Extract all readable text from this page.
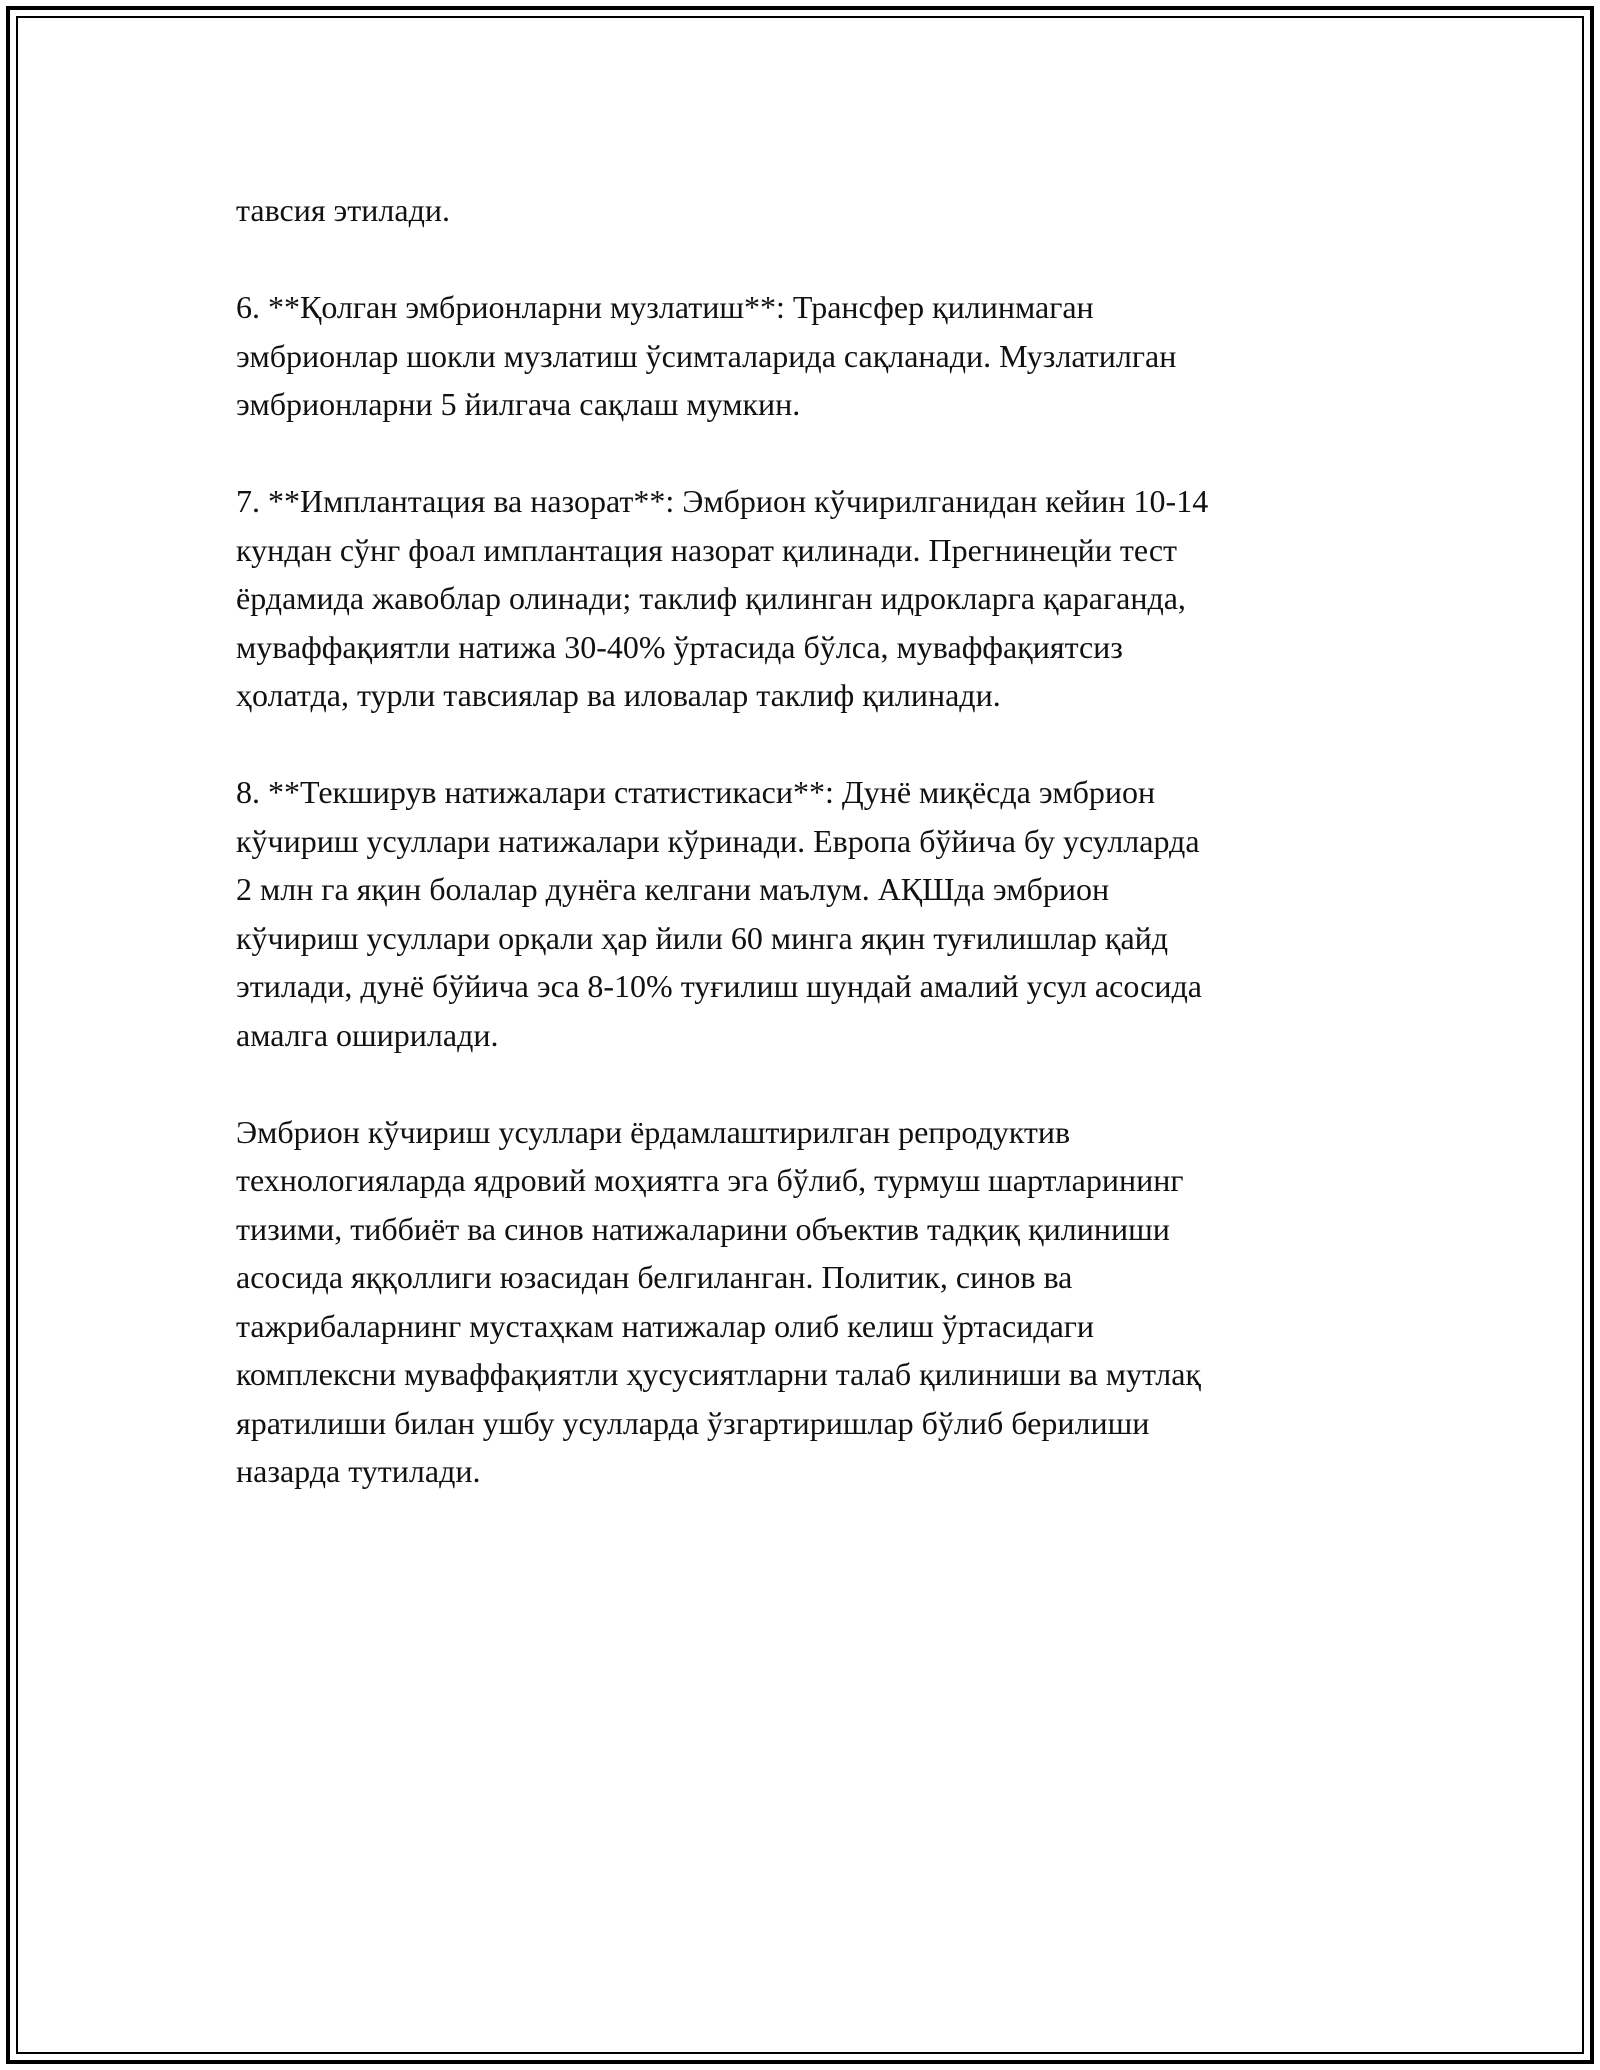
тавсия этилади.

6. **Қолган эмбрионларни музлатиш**: Трансфер қилинмаган
эмбрионлар шокли музлатиш ўсимталарида сақланади. Музлатилган
эмбрионларни 5 йилгача сақлаш мумкин.

7. **Имплантация ва назорат**: Эмбрион кўчирилганидан кейин 10-14
кундан сўнг фоал имплантация назорат қилинади. Прегнинецйи тест
ёрдамида жавоблар олинади; таклиф қилинган идрокларга қараганда,
муваффақиятли натижа 30-40% ўртасида бўлса, муваффақиятсиз
ҳолатда, турли тавсиялар ва иловалар таклиф қилинади.

8. **Текширув натижалари статистикаси**: Дунё миқёсда эмбрион
кўчириш усуллари натижалари кўринади. Европа бўйича бу усулларда
2 млн га яқин болалар дунёга келгани маълум. АҚШда эмбрион
кўчириш усуллари орқали ҳар йили 60 минга яқин туғилишлар қайд
этилади, дунё бўйича эса 8-10% туғилиш шундай амалий усул асосида
амалга оширилади.

Эмбрион кўчириш усуллари ёрдамлаштирилган репродуктив
технологияларда ядровий моҳиятга эга бўлиб, турмуш шартларининг
тизими, тиббиёт ва синов натижаларини объектив тадқиқ қилиниши
асосида яққоллиги юзасидан белгиланган. Политик, синов ва
тажрибаларнинг мустаҳкам натижалар олиб келиш ўртасидаги
комплексни муваффақиятли ҳусусиятларни талаб қилиниши ва мутлақ
яратилиши билан ушбу усулларда ўзгартиришлар бўлиб берилиши
назарда тутилади.
